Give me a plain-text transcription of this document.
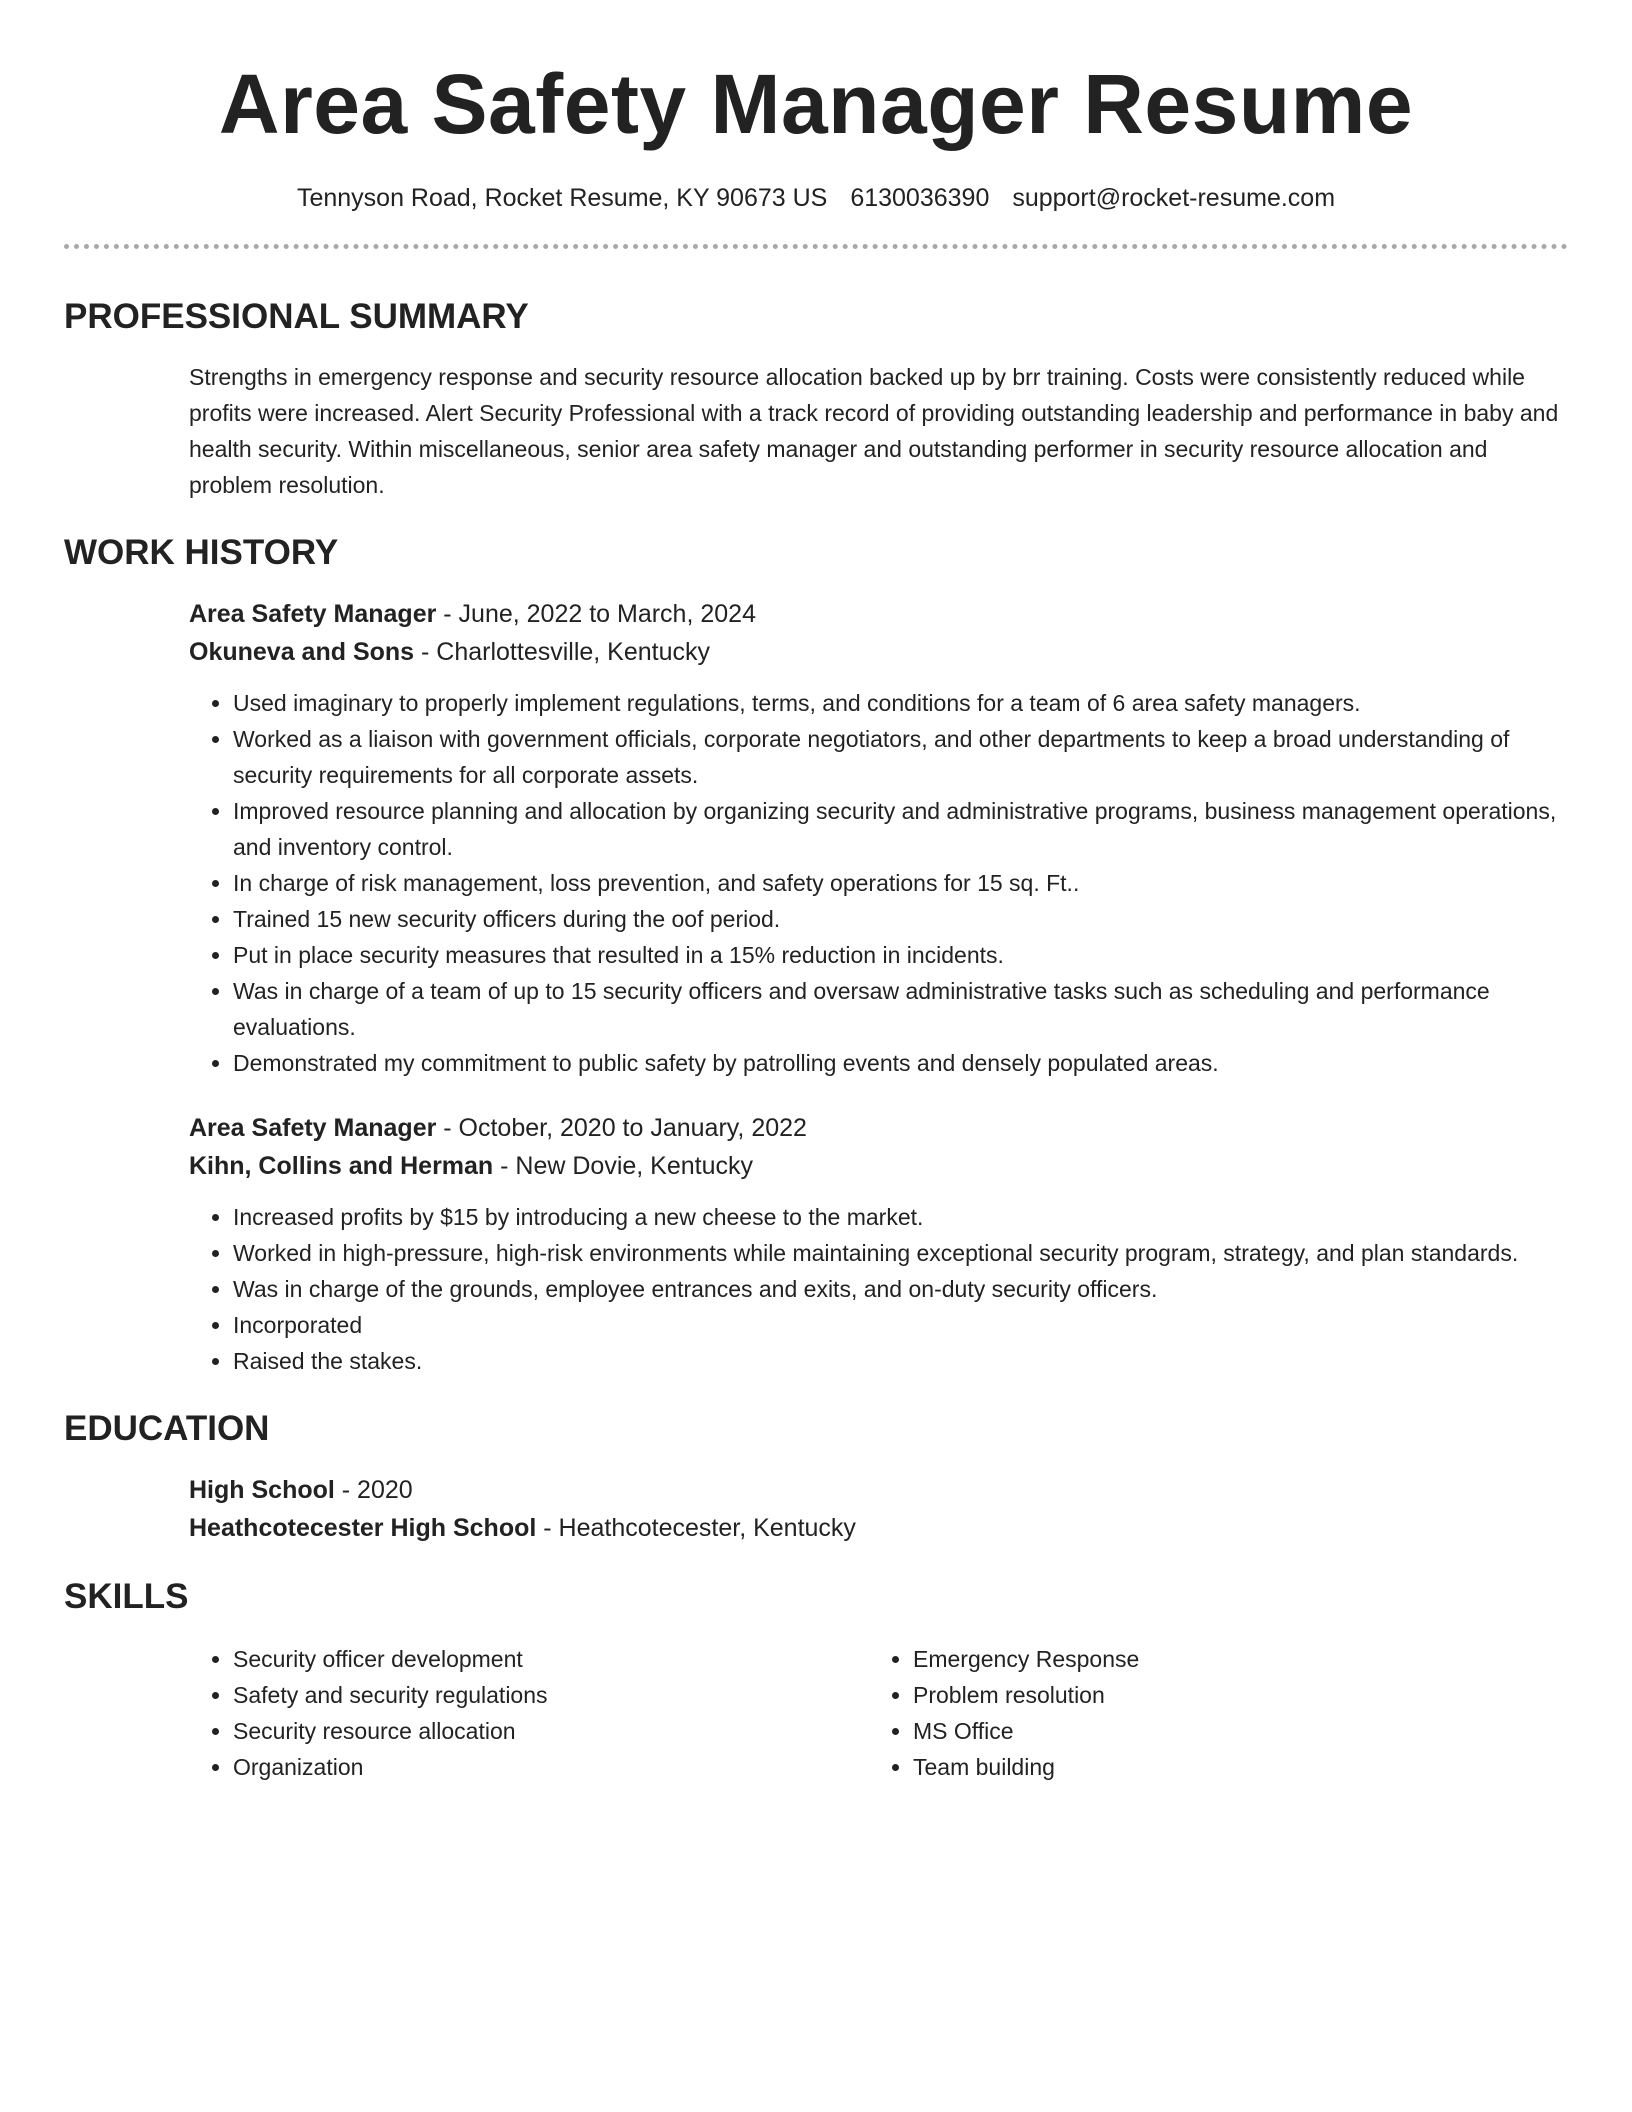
Area Safety Manager Resume
Tennyson Road, Rocket Resume, KY 90673 US 6130036390 support@rocket-resume.com
PROFESSIONAL SUMMARY

Strengths in emergency response and security resource allocation backed up by brr training. Costs were consistently reduced while profits were increased. Alert Security Professional with a track record of providing outstanding leadership and performance in baby and health security. Within miscellaneous, senior area safety manager and outstanding performer in security resource allocation and problem resolution.

WORK HISTORY
Area Safety Manager - June, 2022 to March, 2024
Okuneva and Sons - Charlottesville, Kentucky
• Used imaginary to properly implement regulations, terms, and conditions for a team of 6 area safety managers.
• Worked as a liaison with government officials, corporate negotiators, and other departments to keep a broad understanding of security requirements for all corporate assets.
• Improved resource planning and allocation by organizing security and administrative programs, business management operations, and inventory control.
• In charge of risk management, loss prevention, and safety operations for 15 sq. Ft..
• Trained 15 new security officers during the oof period.
• Put in place security measures that resulted in a 15% reduction in incidents.
• Was in charge of a team of up to 15 security officers and oversaw administrative tasks such as scheduling and performance evaluations.
• Demonstrated my commitment to public safety by patrolling events and densely populated areas.
Area Safety Manager - October, 2020 to January, 2022
Kihn, Collins and Herman - New Dovie, Kentucky
• Increased profits by $15 by introducing a new cheese to the market.
• Worked in high-pressure, high-risk environments while maintaining exceptional security program, strategy, and plan standards.
• Was in charge of the grounds, employee entrances and exits, and on-duty security officers.
• Incorporated
• Raised the stakes.
EDUCATION
High School - 2020
Heathcotecester High School - Heathcotecester, Kentucky
SKILLS
• Security officer development
• Safety and security regulations
• Security resource allocation
• Organization
• Emergency Response
• Problem resolution
• MS Office
• Team building
